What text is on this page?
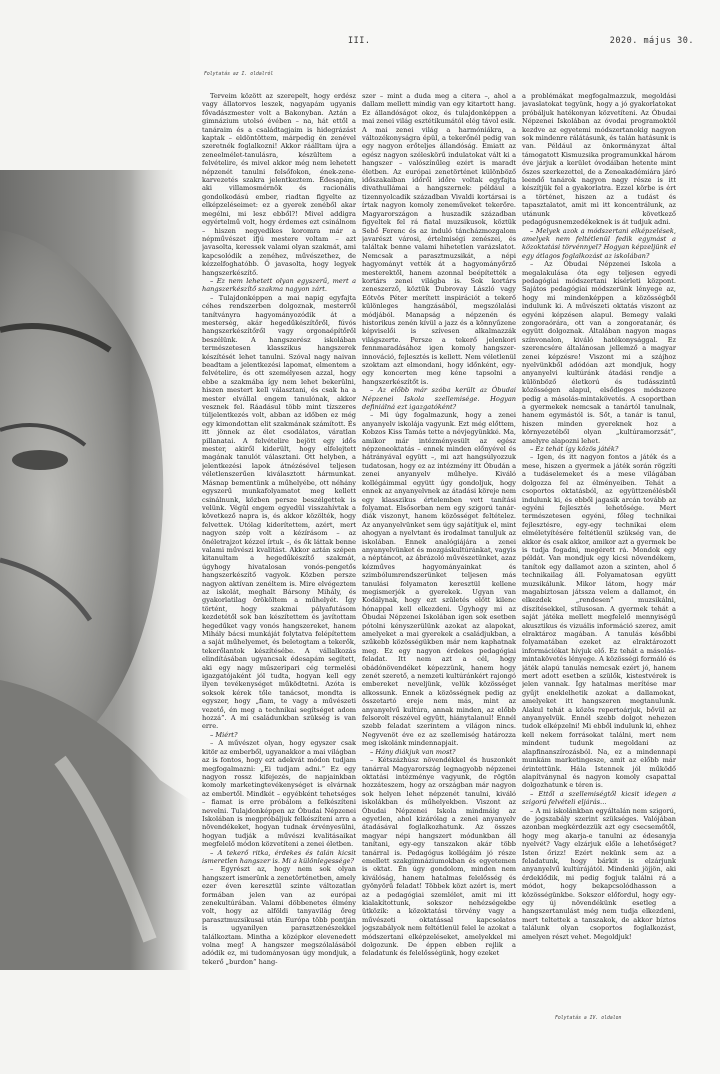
III.	2020. május 30.
Folytatás az I. oldalról

Terveim között az szerepelt, hogy erdész vagy állatorvos leszek, nagyapám ugyanis fővadászmester volt a Bakonyban. Aztán a gimnázium utolsó évében – na, hát ettől a tanáraim és a családtagjaim is hidegrázást kaptak – eldöntöttem, márpedig én zenével szeretnék foglalkozni! Akkor ráálltam újra a zeneelmélet-tanulásra, készültem a felvételire, és mivel akkor még nem lehetett népzenét tanulni felsőfokon, ének-zene-karvezetés szakra jelentkeztem. Édesapám, aki villamosmérnök és racionális gondolkodású ember, riadtan figyelte az elképzeléseimet: ez a gyerek zenéből akar megélni, mi lesz ebből?! Mivel addigra egyértelmű volt, hogy érdemes ezt csinálnom – hiszen negyedikes koromra már a népművészet ifjú mestere voltam – azt javasolta, keressek valami olyan szakmát, ami kapcsolódik a zenéhez, művészethez, de kézzelfoghatóbb. Ő javasolta, hogy legyek hangszerkészítő.

– Ez nem lehetett olyan egyszerű, mert a hangszerkészítő szakma nagyon zárt.

– Tulajdonképpen a mai napig egyfajta céhes rendszerben dolgoznak, mesterről tanítványra hagyományozódik át a mesterség, akár hegedűkészítőről, fúvós hangszerkészítőről vagy orgonaépítőről beszélünk. A hangszerész iskolában természetesen klasszikus hangszerek készítését lehet tanulni. Szóval nagy naivan beadtam a jelentkezési lapomat, elmentem a felvételire, és ott személyesen azzal, hogy ebbe a szakmába így nem lehet bekerülni, hiszen mestert kell választani, és csak ha a mester elvállal engem tanulónak, akkor vesznek fel. Ráadásul több mint tízszeres túljelentkezés volt, abban az időben ez még egy kimondottan elit szakmának számított. És itt jönnek az élet csodálatos, váratlan pillanatai. A felvételire bejött egy idős mester, akiről kiderült, hogy elfelejtett magának tanulót választani. Ott helyben, a jelentkezési lapok átnézésével teljesen véletlenszerűen kiválasztott hármunkat. Másnap bementünk a műhelyébe, ott néhány egyszerű munkafolyamatot meg kellett csinálnunk, közben persze beszélgettek is velünk. Végül engem egyedül visszahívtak a következő napra is, és akkor közölték, hogy felvettek. Utólag kiderítettem, azért, mert nagyon szép volt a kézírásom – az önéletrajzot kézzel írtuk –, és ők láttak benne valami művészi kvalitást. Akkor aztán szépen kitanultam a hegedűkészítő szakmát, úgyhogy hivatalosan vonós-pengetős hangszerkészítő vagyok. Közben persze nagyon aktívan zenéltem is. Mire elvégeztem az iskolát, meghalt Bársony Mihály, és gyakorlatilag örököltem a műhelyét. Így történt, hogy szakmai pályafutásom kezdetétől sok ban készítettem és javítottam hegedűket vagy vonós hangszereket, hanem Mihály bácsi munkáját folytatva felépítettem a saját műhelyemet, és beletogtam a tekerők, tekerőlantok készítésébe. A vállalkozás elindításában ugyancsak édesapám segített, aki egy nagy műszeripari cég termelési igazgatójaként jól tudta, hogyan kell egy ilyen tevékenységet működtetni. Azóta is soksok kérek tőle tanácsot, mondta is egyszer, hogy „fiam, te vagy a művészeti vezető, én meg a technikai segítséget adom hozzá”. A mi családunkban szükség is van erre.

– Miért?

– A művészet olyan, hogy egyszer csak kitör az emberből, ugyanakkor a mai világban az is fontos, hogy ezt adekvát módon tudjam megfogalmazni: „Ei tudjam adni.” Ez egy nagyon rossz kifejezés, de napjainkban komoly marketingtevékenységet is elvárnak az embertől. Mindkét – egyébként tehetséges – fiamat is erre próbálom a felkészíteni nevelni. Tulajdonképpen az Óbudai Népzenei Iskolában is megpróbáljuk felkészíteni arra a növendékeket, hogyan tudnak érvényesülni, hogyan tudják a művészi kvalitásaikat megfelelő módon közvetíteni a zenei életben.

– A tekerő ritka, érdekes és talán kicsit ismeretlen hangszer is. Mi a különlegessége?

– Egyrészt az, hogy nem sok olyan hangszert ismerünk a zenetörténetben, amely ezer éven keresztül szinte változatlan formában jelen van az európai zenekultúrában. Valami döbbenetes élmény volt, hogy az alföldi tanyavilág őreg parasztmuzsikusai után Európa több pontján is ugyanilyen parasztzenészekkel találkoztam. Mintha a középkor elevenedett volna meg! A hangszer megszólalásából adódik ez, mi tudományosan úgy mondjuk, a tekerő „burdon” hang-

szer – mint a duda meg a citera –, ahol a dallam mellett mindig van egy kitartott hang. Ez állandóságot okoz, és tulajdonképpen a mai zenei világ esztétikumától elég távol esik. A mai zenei világ a harmóniákra, a változékonyságra épül, a tekerőnél pedig van egy nagyon erőteljes állandóság. Emiatt az egész nagyon széleskörű indulatokat vált ki a hangszer – valószínűleg ezért is maradt életben. Az európai zenetörténet különböző időszakaiban időről időre voltak egyfajta divathullámai a hangszernek: például a tizennyolcadik században Vivaldi kortársai is írtak nagyon komoly zeneműveket tekerőre. Magyarországon a huszadik században figyeltek fel rá fiatal muzsikusok, köztük Sebő Ferenc és az induló táncházmozgalom javarészt városi, értelmiségi zenészei, és találtak benne valami hihetetlen varázslatot. Nemcsak a parasztmuzsikát, a népi hagyományt vették át a hagyományőrző mesterektől, hanem azonnal beépítették a kortárs zenei világba is. Sok kortárs zeneszerző, köztük Dubrovay László vagy Eötvös Péter merített inspirációt a tekerő különleges hangzásából, megszólalási módjából. Manapság a népzenén és historikus zenén kívül a jazz és a könnyűzene képviselői is szívesen alkalmazzák világszerte. Persze a tekerő jelenkori fennmaradásához igen komoly hangszer-innováció, fejlesztés is kellett. Nem véletlenül szoktam azt elmondani, hogy időnként, egy-egy koncerten meg kéne tapsolni a hangszerkészítőt is.

– Az előbb már szóba került az Óbudai Népzenei Iskola szellemisége. Hogyan definiálná ezt igazgatóként?

– Mi úgy fogalmazunk, hogy a zenei anyanyelv iskolája vagyunk. Ezt még előttem, Kobzos Kiss Tamás tette a névjegyünkké. Ma, amikor már intézményesült az egész népzeneoktatás – ennek minden előnyével és hátrányával együtt –, mi azt hangsúlyozzuk tudatosan, hogy ez az intézmény itt Óbudán a zenei anyanyelv műhelye. Kiváló kollégáimmal együtt úgy gondoljuk, hogy ennek az anyanyelvnek az átadási köreje nem egy klasszikus értelemben vett tanítási folyamat. Elsősorban nem egy szigorú tanár-diák viszonyt, hanem közösséget feltételez. Az anyanyelvünket sem úgy sajátítjuk el, mint ahogyan a nyelvtant és irodalmat tanuljuk az iskolában. Ennek analógiájára a zenei anyanyelvünket és mozgáskultúránkat, vagyis a néptáncot, az ábrázoló művészetünket, azaz kézműves hagyományainkat és szimbólumrendszerünket teljesen más tanulási folyamaton keresztül kellene megismerjék a gyerekek. Ugyan van Kodálynak, hogy ezt születés előtt kilenc hónappal kell elkezdeni. Úgyhogy mi az Óbudai Népzenei Iskolában igen sok esetben pótolni kényszerülünk azokat az alapokat, amelyeket a mai gyerekek a családjukban, a szűkebb közösségükben már nem kaphatnak meg. Ez egy nagyon érdekes pedagógiai feladat. Itt nem azt a cél, hogy obádónövendéket képezzünk, hanem hogy zenét szerető, a nemzeti kultúránkért rajongó embereket neveljünk, velük közösséget alkossunk. Ennek a közösségnek pedig az összetartó ereje nem más, mint az anyanyelvű kultúra, annak minden, az előbb felsorolt részével együtt, hiánytalanul! Ennél szebb feladat szerintem a világon nincs. Negyvenöt éve ez az szellemiség határozza meg iskolánk mindennapjait.

– Hány diákjuk van most?

– Kétszázhúsz növendékkel és huszonkét tanárral Magyarország legnagyobb népzenei oktatási intézménye vagyunk, de rögtön hozzáteszem, hogy az országban már nagyon sok helyen lehet népzenét tanulni, kiváló iskolákban és műhelyekben. Viszont az Óbudai Népzenei Iskola mindmáig az egyetlen, ahol kizárólag a zenei anyanyelv átadásával foglalkozhatunk. Az összes magyar népi hangszert módunkban áll tanítani, egy-egy tanszakon akár több tanárral is. Pedagógus kollégáim jó része emellett szakgimnáziumokban és egyetemen is oktat. Én úgy gondolom, minden nem kiválóság, hanem hatalmas felelősség és gyönyörű feladat! Többek közt azért is, mert az a pedagógiai szemlélet, amit mi itt kialakítottunk, sokszor nehézségekbe ütközik: a közoktatási törvény vagy a művészeti oktatással kapcsolatos jogszabályok nem feltétlenül felel le azokat a módszertani elképzeléseket, amelyekkel mi dolgozunk. De éppen ebben rejlik a feladatunk és felelősségünk, hogy ezeket

a problémákat megfogalmazzuk, megoldási javaslatokat tegyünk, hogy a jó gyakorlatokat próbáljuk hatékonyan közvetíteni. Az Óbudai Népzenei Iskolában az óvodai programoktól kezdve az egyetemi módszertanokig nagyon sok mindenre rálátásunk, és talán hatásunk is van. Például az önkormányzat által támogatott Kismuzsika programunkkal három éve járjuk a kerület óvodáiban hetente mint őszes szerkezettel, de a Zeneakadémiára járó leendő tanárok nagyon nagy része is itt készítjük fel a gyakorlatra. Ezzel körbe is ért a történet, hiszen az a tudást és tapasztalatot, amit mi itt koncentrálunk, az utánunk következő pedagógusnemzedékeknek is át tudjuk adni.

– Melyek azok a módszertani elképzelések, amelyek nem feltétlenül fedik egymást a közoktatási törvénnyel? Hogyan képzeljünk el egy átlagos foglalkozást az iskolában?

– Az Óbudai Népzenei Iskola a megalakulása óta egy teljesen egyedi pedagógiai módszertani kísérleti központ. Sajátos pedagógiai módszerünk lényege az, hogy mi mindenképpen a közösségből indulunk ki. A művészeti oktatás viszont az egyéni képzésen alapul. Bemegy valaki zongoraórára, ott van a zongoratanár, és együtt dolgoznak. Általában nagyon magas színvonalon, kiváló hatékonysággal. Ez szerencsére általánosan jellemző a magyar zenei képzésre! Viszont mi a szájhoz nyelvünkből adódóan azt mondjuk, hogy anyanyelvi kultúránk átadási rendje a különböző életkorú és tudásszintű közösségen alapul, elsődleges módszere pedig a másolás-mintakövetés. A csoportban a gyermekek nemcsak a tanártól tanulnak, hanem egymástól is. Sőt, a tanár is tanul, hiszen minden gyereknek hoz a környezetéből olyan „kultúramorzsát”, amelyre alapozni lehet.

– Ez tehát így közös játék?

– Igen, és itt nagyon fontos a játék és a mese, hiszen a gyermek a játék során rögzíti a tudáselemeket és a mese világában dolgozza fel az élményeiben. Tehát a csoportos oktatásból, az együttzenélésből indulunk ki, és ebből jagasik arcán tovább az egyéni fejlesztés lehetősége. Mert természetesen egyéni, főleg technikai fejlesztésre, egy-egy technikai elem elméletyítésére feltétlenül szükség van, de akkor és csak akkor, amikor azt a gyermek be is tudja fogadni, megérett rá. Mondok egy példát. Van mondjuk egy kicsi növendékem, tanítok egy dallamot azon a szinten, ahol ő technikailag áll. Folyamatosan együtt muzsikálunk. Mikor látom, hogy már magabiztosan játssza velem a dallamot, én elkezdek „rendesen” muzsikálni, díszítésekkel, stílusosan. A gyermek tehát a saját játéka mellett megfelelő mennyiségű akusztikus és vizuális információ szerez, amit elraktároz magában. A tanulás későbbi folyamatában ezeket az elraktározott információkat hívjuk elő. Ez tehát a másolás-mintakövetés lényege. A közösségi formáló és játék alapú tanulás nemcsak ezért jó, hanem mert adott esetben a szülők, kistestvérek is jelen vannak. Így hatalmas merítése mar gyűjt eneklelhetik azokat a dallamokat, amelyeket itt hangszeren megtanulunk. Alakul tehát a közös repertoárjuk, bővül az anyanyelvük. Ennél szebb dolgot nehezen tudok elképzelni! Mi ebből indulunk ki, ehhez kell nekem forrásokat találni, mert nem mindent tudunk megoldani az alapfinanszírozásból. Na, ez a mindennapi munkám marketingesze, amit az előbb már érintettünk. Hála Istennek jól működő alapítványnal és nagyon komoly csapattal dolgozhatunk e téren is.

– Ettől a szellemiségtől kicsit idegen a szigorú felvételi eljárás…

– A mi iskolánkban egyáltalán nem szigorú, de jogszabály szerint szükséges. Valójában azonban megkérdezzük azt egy csecsemőtől, hogy meg akarja-e tanulni az édesanyja nyelvét? Vagy elzárjuk előle a lehetőséget? Isten őrizz! Ezért nekünk sem az a feladatunk, hogy bárkit is elzárjunk anyanyelvű kultúrájától. Mindenki jöjjön, aki érdeklődik, mi pedig fogjuk találni rá a módot, hogy bekapcsolódhasson a közösségünkbe. Sokszor előfordul, hogy egy-egy új növendékünk esetleg a hangszertanulást még nem tudja elkezdeni, mert teltettek a tanszakok, de akkor bíztos találunk olyan csoportos foglalkozást, amelyen részt vehet. Megoldjuk!

Folytatás a IV. oldalon
